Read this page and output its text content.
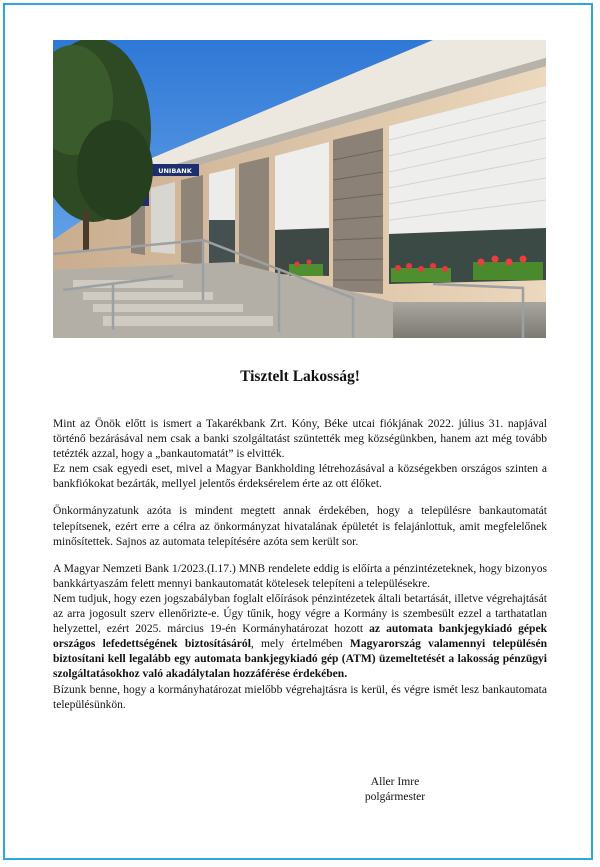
UNIBANK
Tisztelt Lakosság!

Mint az Önök előtt is ismert a Takarékbank Zrt. Kóny, Béke utcai fiókjának 2022. július 31. napjával történő bezárásával nem csak a banki szolgáltatást szüntették meg községünkben, hanem azt még tovább tetézték azzal, hogy a „bankautomatát” is elvitték.

Ez nem csak egyedi eset, mivel a Magyar Bankholding létrehozásával a községekben országos szinten a bankfiókokat bezárták, mellyel jelentős érdeksérelem érte az ott élőket.

Önkormányzatunk azóta is mindent megtett annak érdekében, hogy a településre bankautomatát telepítsenek, ezért erre a célra az önkormányzat hivatalának épületét is felajánlottuk, amit megfelelőnek minősítettek. Sajnos az automata telepítésére azóta sem került sor.

A Magyar Nemzeti Bank 1/2023.(I.17.) MNB rendelete eddig is előírta a pénzintézeteknek, hogy bizonyos bankkártyaszám felett mennyi bankautomatát kötelesek telepíteni a településekre.

Nem tudjuk, hogy ezen jogszabályban foglalt előírások pénzintézetek általi betartását, illetve végrehajtását az arra jogosult szerv ellenőrizte-e. Úgy tűnik, hogy végre a Kormány is szembesült ezzel a tarthatatlan helyzettel, ezért 2025. március 19-én Kormányhatározat hozott az automata bankjegykiadó gépek országos lefedettségének biztosításáról, mely értelmében Magyarország valamennyi településén biztosítani kell legalább egy automata bankjegykiadó gép (ATM) üzemeltetését a lakosság pénzügyi szolgáltatásokhoz való akadálytalan hozzáférése érdekében.

Bízunk benne, hogy a kormányhatározat mielőbb végrehajtásra is kerül, és végre ismét lesz bankautomata településünkön.

Aller Imre
polgármester
